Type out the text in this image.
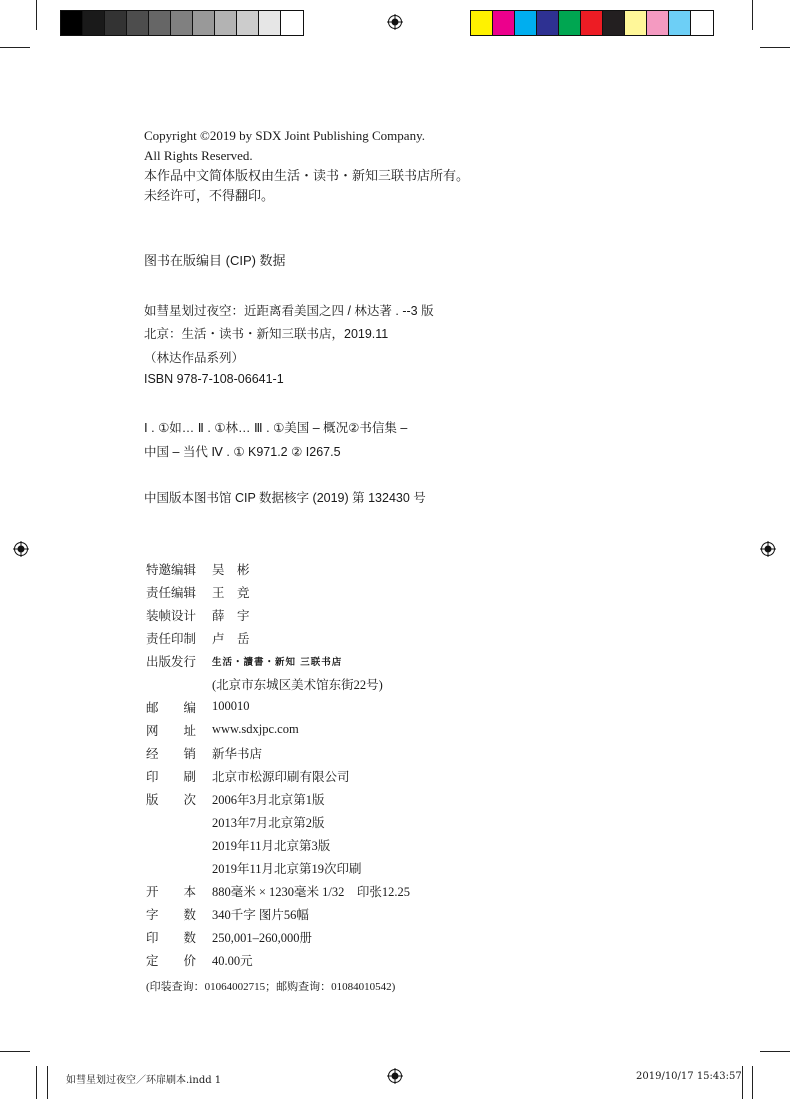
Copyright ©2019 by SDX Joint Publishing Company.
All Rights Reserved.
本作品中文简体版权由生活・读书・新知三联书店所有。
未经许可，不得翻印。
图书在版编目 (CIP) 数据
如彗星划过夜空：近距离看美国之四 / 林达著 . --3 版
北京：生活・读书・新知三联书店，2019.11
（林达作品系列）
ISBN 978-7-108-06641-1
Ⅰ . ①如… Ⅱ . ①林… Ⅲ . ①美国 – 概况②书信集 –
中国 – 当代 Ⅳ . ① K971.2 ② I267.5
中国版本图书馆 CIP 数据核字 (2019) 第 132430 号
特邀编辑	吴　彬
责任编辑	王　竞
装帧设计	薛　宇
责任印制	卢　岳
出版发行	生活・讀書・新知 三联书店
(北京市东城区美术馆东街22号)
邮 编 100010
网 址 www.sdxjpc.com
经 销 新华书店
印 刷 北京市松源印刷有限公司
版 次 2006年3月北京第1版
2013年7月北京第2版
2019年11月北京第3版
2019年11月北京第19次印刷
开 本 880毫米 × 1230毫米 1/32　印张12.25
字 数 340千字 图片56幅
印 数 250,001–260,000册
定 价 40.00元
(印装查询：01064002715；邮购查询：01084010542)
如彗星划过夜空／环扉刷本.indd 1	2019/10/17 15:43:57
